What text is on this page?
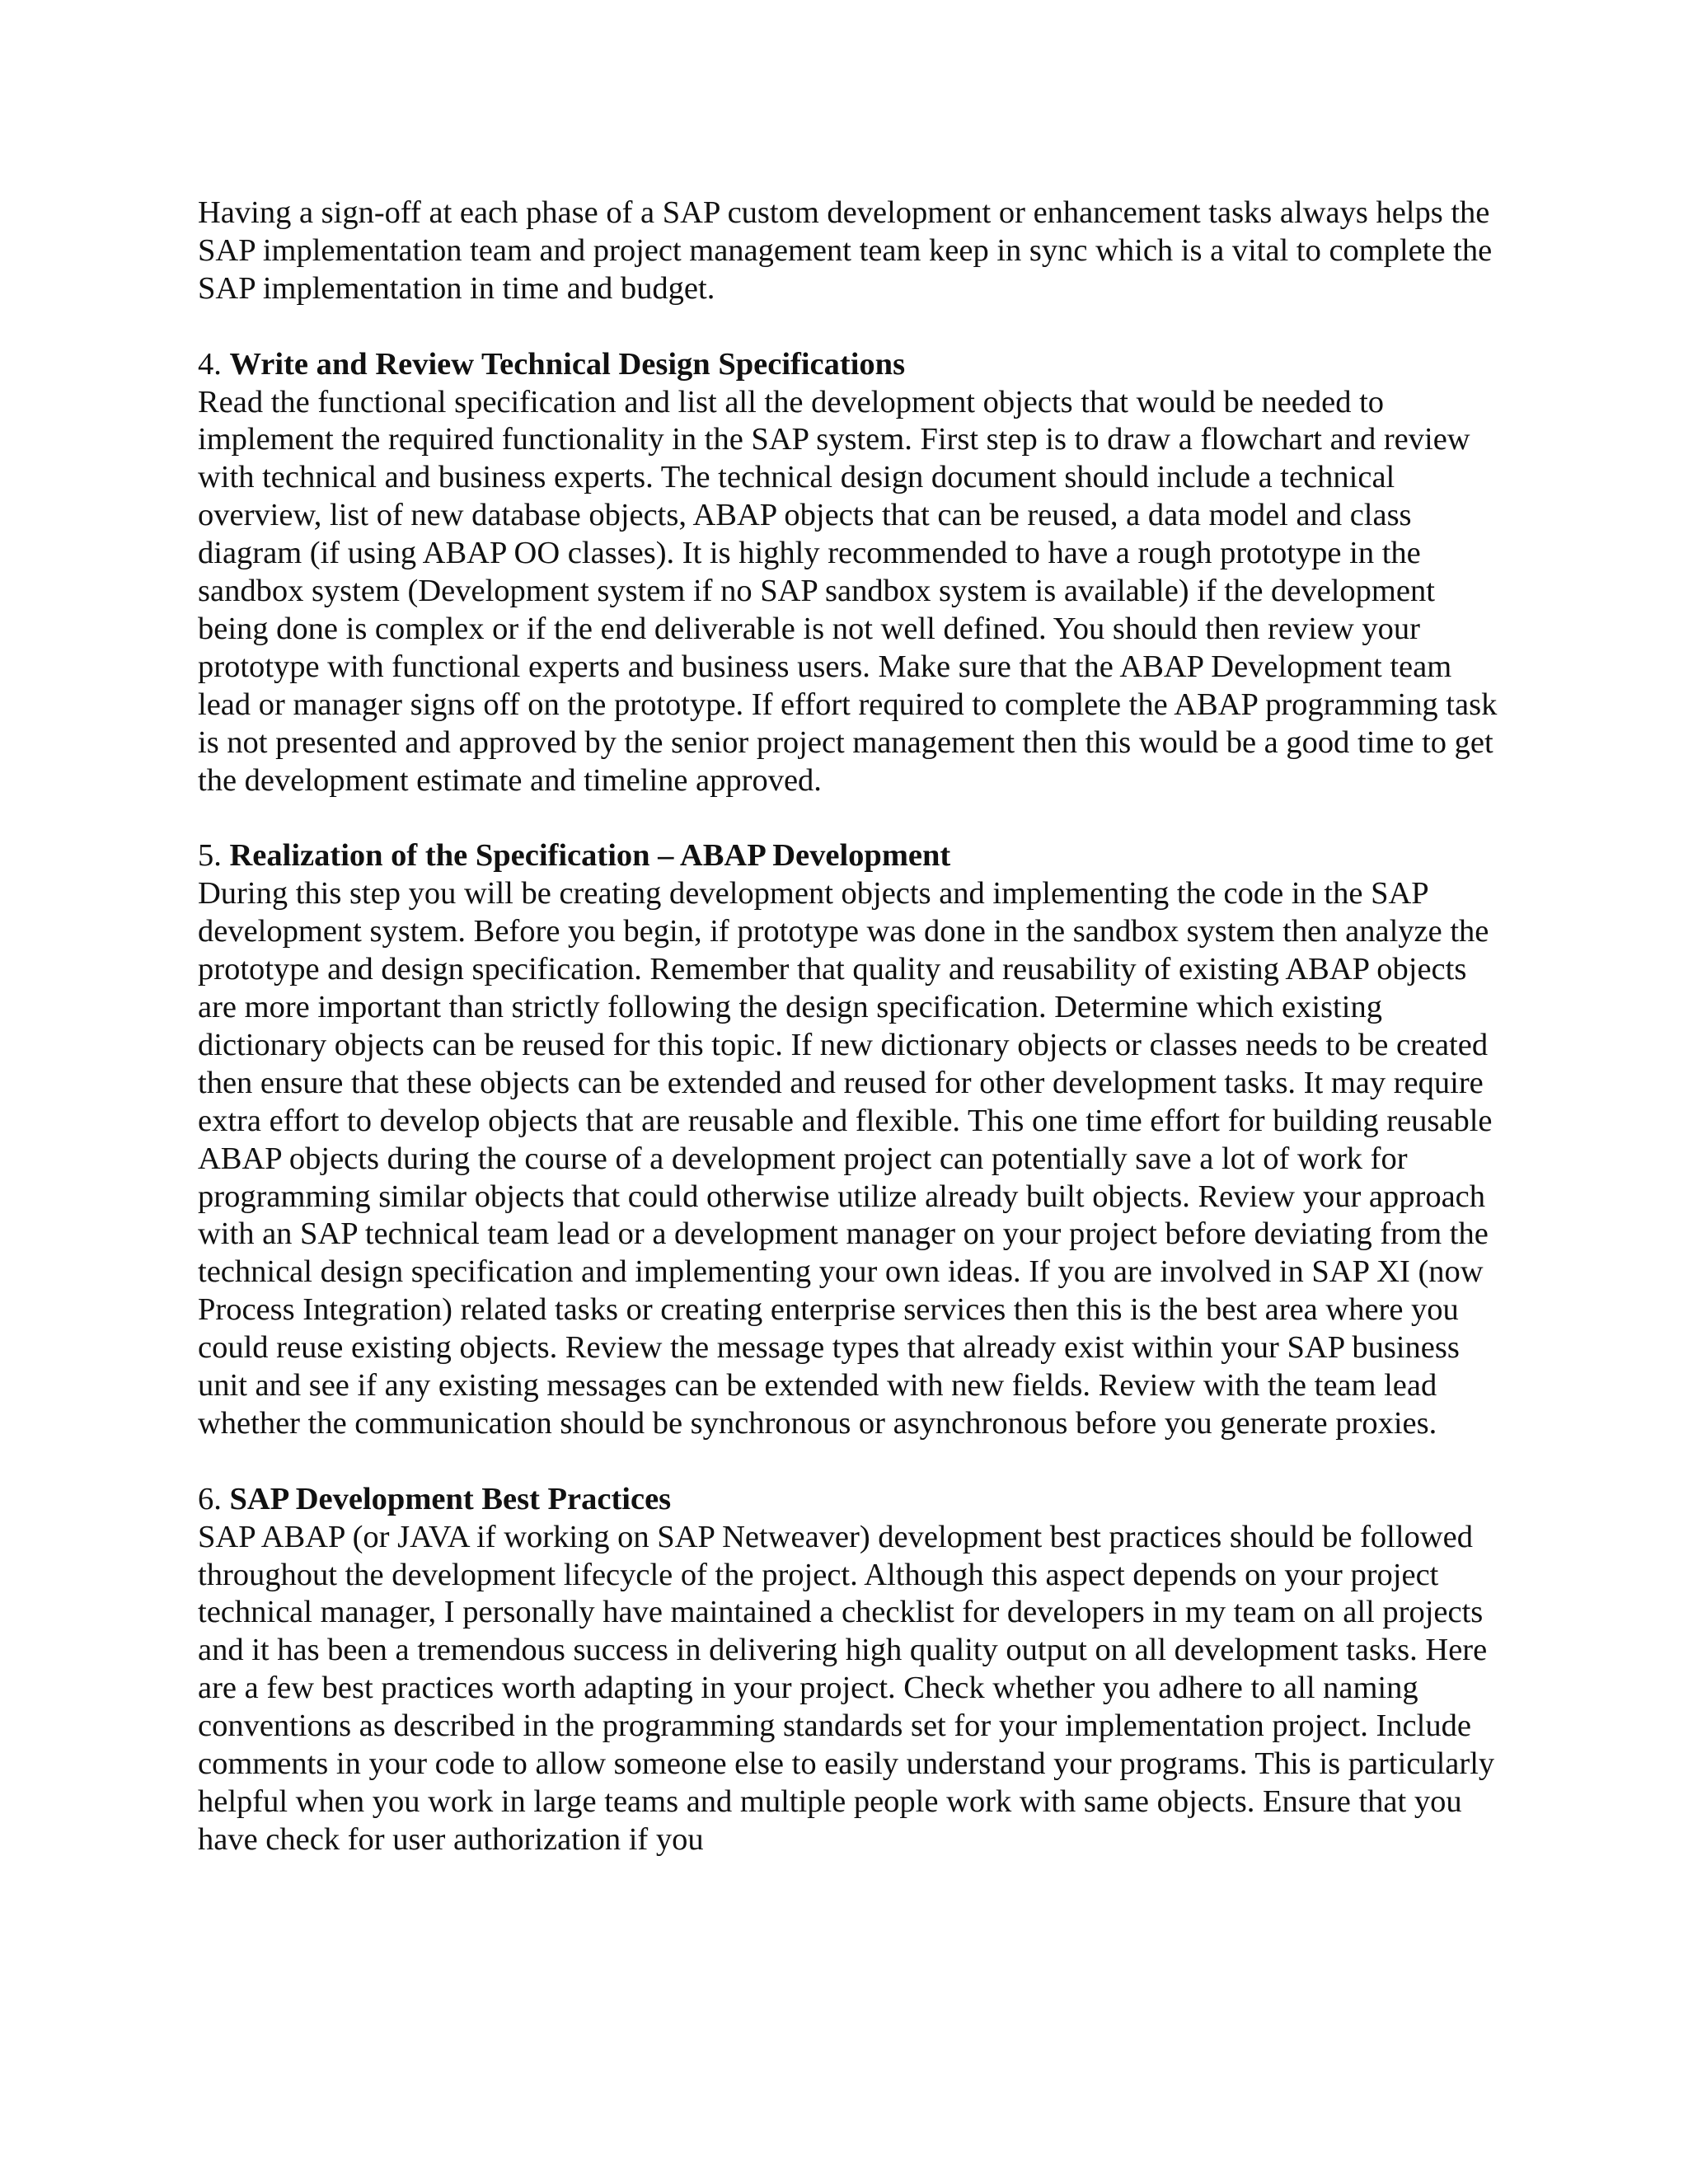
Having a sign-off at each phase of a SAP custom development or enhancement tasks always helps the SAP implementation team and project management team keep in sync which is a vital to complete the SAP implementation in time and budget.

4. Write and Review Technical Design Specifications

Read the functional specification and list all the development objects that would be needed to implement the required functionality in the SAP system. First step is to draw a flowchart and review with technical and business experts. The technical design document should include a technical overview, list of new database objects, ABAP objects that can be reused, a data model and class diagram (if using ABAP OO classes). It is highly recommended to have a rough prototype in the sandbox system (Development system if no SAP sandbox system is available) if the development being done is complex or if the end deliverable is not well defined. You should then review your prototype with functional experts and business users. Make sure that the ABAP Development team lead or manager signs off on the prototype. If effort required to complete the ABAP programming task is not presented and approved by the senior project management then this would be a good time to get the development estimate and timeline approved.

5. Realization of the Specification – ABAP Development

During this step you will be creating development objects and implementing the code in the SAP development system. Before you begin, if prototype was done in the sandbox system then analyze the prototype and design specification. Remember that quality and reusability of existing ABAP objects are more important than strictly following the design specification. Determine which existing dictionary objects can be reused for this topic. If new dictionary objects or classes needs to be created then ensure that these objects can be extended and reused for other development tasks. It may require extra effort to develop objects that are reusable and flexible. This one time effort for building reusable ABAP objects during the course of a development project can potentially save a lot of work for programming similar objects that could otherwise utilize already built objects. Review your approach with an SAP technical team lead or a development manager on your project before deviating from the technical design specification and implementing your own ideas. If you are involved in SAP XI (now Process Integration) related tasks or creating enterprise services then this is the best area where you could reuse existing objects. Review the message types that already exist within your SAP business unit and see if any existing messages can be extended with new fields. Review with the team lead whether the communication should be synchronous or asynchronous before you generate proxies.

6. SAP Development Best Practices

SAP ABAP (or JAVA if working on SAP Netweaver) development best practices should be followed throughout the development lifecycle of the project. Although this aspect depends on your project technical manager, I personally have maintained a checklist for developers in my team on all projects and it has been a tremendous success in delivering high quality output on all development tasks. Here are a few best practices worth adapting in your project. Check whether you adhere to all naming conventions as described in the programming standards set for your implementation project. Include comments in your code to allow someone else to easily understand your programs. This is particularly helpful when you work in large teams and multiple people work with same objects. Ensure that you have check for user authorization if you
